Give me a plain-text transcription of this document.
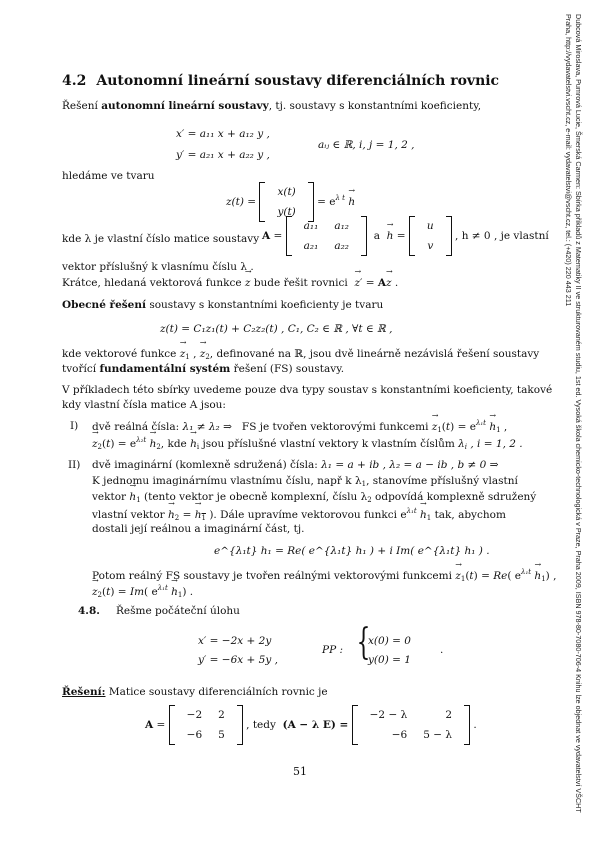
4.2 Autonomní lineární soustavy diferenciálních rovnic
Řešení autonomní lineární soustavy, tj. soustavy s konstantními koeficienty,
x′ = a₁₁ x + a₁₂ y ,
y′ = a₂₁ x + a₂₂ y ,
aᵢⱼ ∈ ℝ, i, j = 1, 2 ,
hledáme ve tvaru
z(t) =
x(t)
y(t)
= $e^{\lambda t} \to h$
kde λ je vlastní číslo matice soustavy A =
a₁₁	a₁₂
a₂₁	a₂₂
a → h =
u
v
, h ≠ 0 , je vlastní
vektor příslušný k vlasnímu číslu λ .
Krátce, hledaná vektorová funkce → z bude řešit rovnici → z′ = A→ z .
Obecné řešení soustavy s konstantními koeficienty je tvaru
z(t) = C₁z₁(t) + C₂z₂(t) , C₁, C₂ ∈ ℝ , ∀t ∈ ℝ ,
kde vektorové funkce → $z_1$ , → $z_2$, definované na ℝ, jsou dvě lineárně nezávislá řešení soustavy
tvořící fundamentální systém řešení (FS) soustavy.
V příkladech této sbírky uvedeme pouze dva typy soustav s konstantními koeficienty, takové
kdy vlastní čísla matice A jsou:
I) dvě reálná čísla: λ₁ ≠ λ₂ ⇒ FS je tvořen vektorovými funkcemi → $z_1(t) = e^{\lambda_1t} \to h_1$ ,
→ $z_2(t) = e^{\lambda_2t} \to h_2$, kde → $h_i$ jsou příslušné vlastní vektory k vlastním číslům $\lambda_i$ , i = 1, 2 .
II) dvě imaginární (komlexně sdružená) čísla: λ₁ = a + ib , λ₂ = a − ib , b ≠ 0 ⇒
K jednomu imaginárnímu vlastnímu číslu, např k $\lambda_1$, stanovíme příslušný vlastní
vektor → $h_1$ (tento vektor je obecně komplexní, číslu $\lambda_2$ odpovídá komplexně sdružený
vlastní vektor → $h_2$ = → $h_1$ ). Dále upravíme vektorovou funkci $e^{\lambda_1t} \to h_1$ tak, abychom
dostali její reálnou a imaginární část, tj.
e^{λ₁t} h₁ = Re( e^{λ₁t} h₁ ) + i Im( e^{λ₁t} h₁ ) .
Potom reálný FS soustavy je tvořen reálnými vektorovými funkcemi → $z_1(t) = Re$( $e^{\lambda_1t} \to h_1$) ,
→ $z_2(t) = Im$( $e^{\lambda_1t} \to h_1$) .
4.8. Řešme počáteční úlohu
x′ = −2x + 2y
y′ = −6x + 5y ,
PP : {
x(0) = 0
y(0) = 1
.
Řešení: Matice soustavy diferenciálních rovnic je
A =
−2	2
−6	5
, tedy (A − λ E) =
−2 − λ	2
−6	5 − λ
.
51	Dubcová Miroslava, Pumrová Lucie, Šmerská Carmen: Sbírka příkladů z Matematiky II ve strukturovaném studiu, 1st ed. Vysoká škola chemicko-technologická v Praze, Praha 2009, ISBN 978-80-7080-706-4 Knihu lze objednat ve vydavatelství VŠCHT Praha, http://vydavatelstvi.vscht.cz, e-mail: vydavatelstvi@vscht.cz, tel.: (+420) 220 443 211
